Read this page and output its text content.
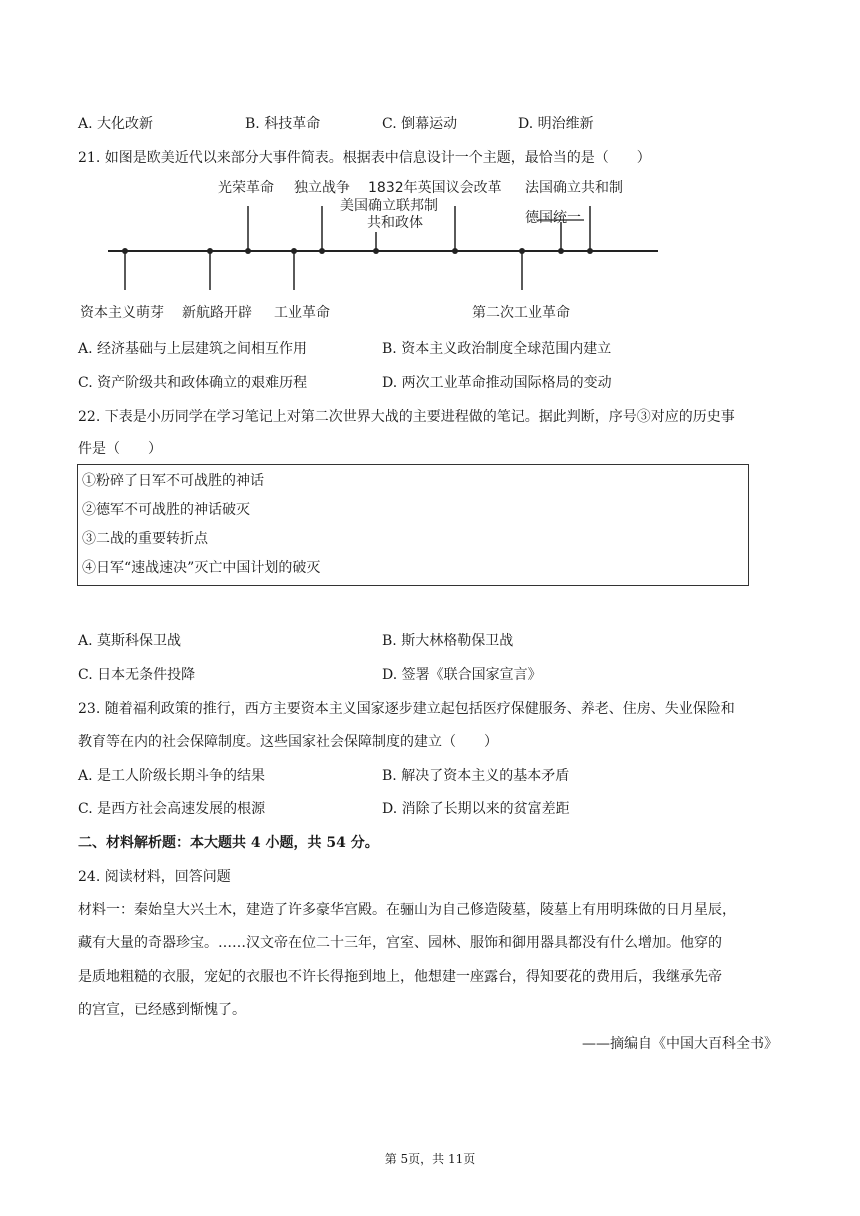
A. 大化改新	B. 科技革命	C. 倒幕运动	D. 明治维新
21. 如图是欧美近代以来部分大事件简表。根据表中信息设计一个主题，最恰当的是（　　）
光荣革命 独立战争 1832年英国议会改革
美国确立联邦制
共和政体
法国确立共和制
德国统一
资本主义萌芽 新航路开辟 工业革命	第二次工业革命
A. 经济基础与上层建筑之间相互作用	B. 资本主义政治制度全球范围内建立
C. 资产阶级共和政体确立的艰难历程	D. 两次工业革命推动国际格局的变动
22. 下表是小历同学在学习笔记上对第二次世界大战的主要进程做的笔记。据此判断，序号③对应的历史事
件是（　　）
①粉碎了日军不可战胜的神话
②德军不可战胜的神话破灭
③二战的重要转折点
④日军“速战速决”灭亡中国计划的破灭
A. 莫斯科保卫战	B. 斯大林格勒保卫战
C. 日本无条件投降	D. 签署《联合国家宣言》
23. 随着福利政策的推行，西方主要资本主义国家逐步建立起包括医疗保健服务、养老、住房、失业保险和
教育等在内的社会保障制度。这些国家社会保障制度的建立（　　）
A. 是工人阶级长期斗争的结果	B. 解决了资本主义的基本矛盾
C. 是西方社会高速发展的根源	D. 消除了长期以来的贫富差距
二、材料解析题：本大题共 4 小题，共 54 分。
24. 阅读材料，回答问题
材料一：秦始皇大兴土木，建造了许多豪华宫殿。在骊山为自己修造陵墓，陵墓上有用明珠做的日月星辰，
藏有大量的奇器珍宝。……汉文帝在位二十三年，宫室、园林、服饰和御用器具都没有什么增加。他穿的
是质地粗糙的衣服，宠妃的衣服也不许长得拖到地上，他想建一座露台，得知要花的费用后，我继承先帝
的宫宣，已经感到惭愧了。
——摘编自《中国大百科全书》
第 5页，共 11页
